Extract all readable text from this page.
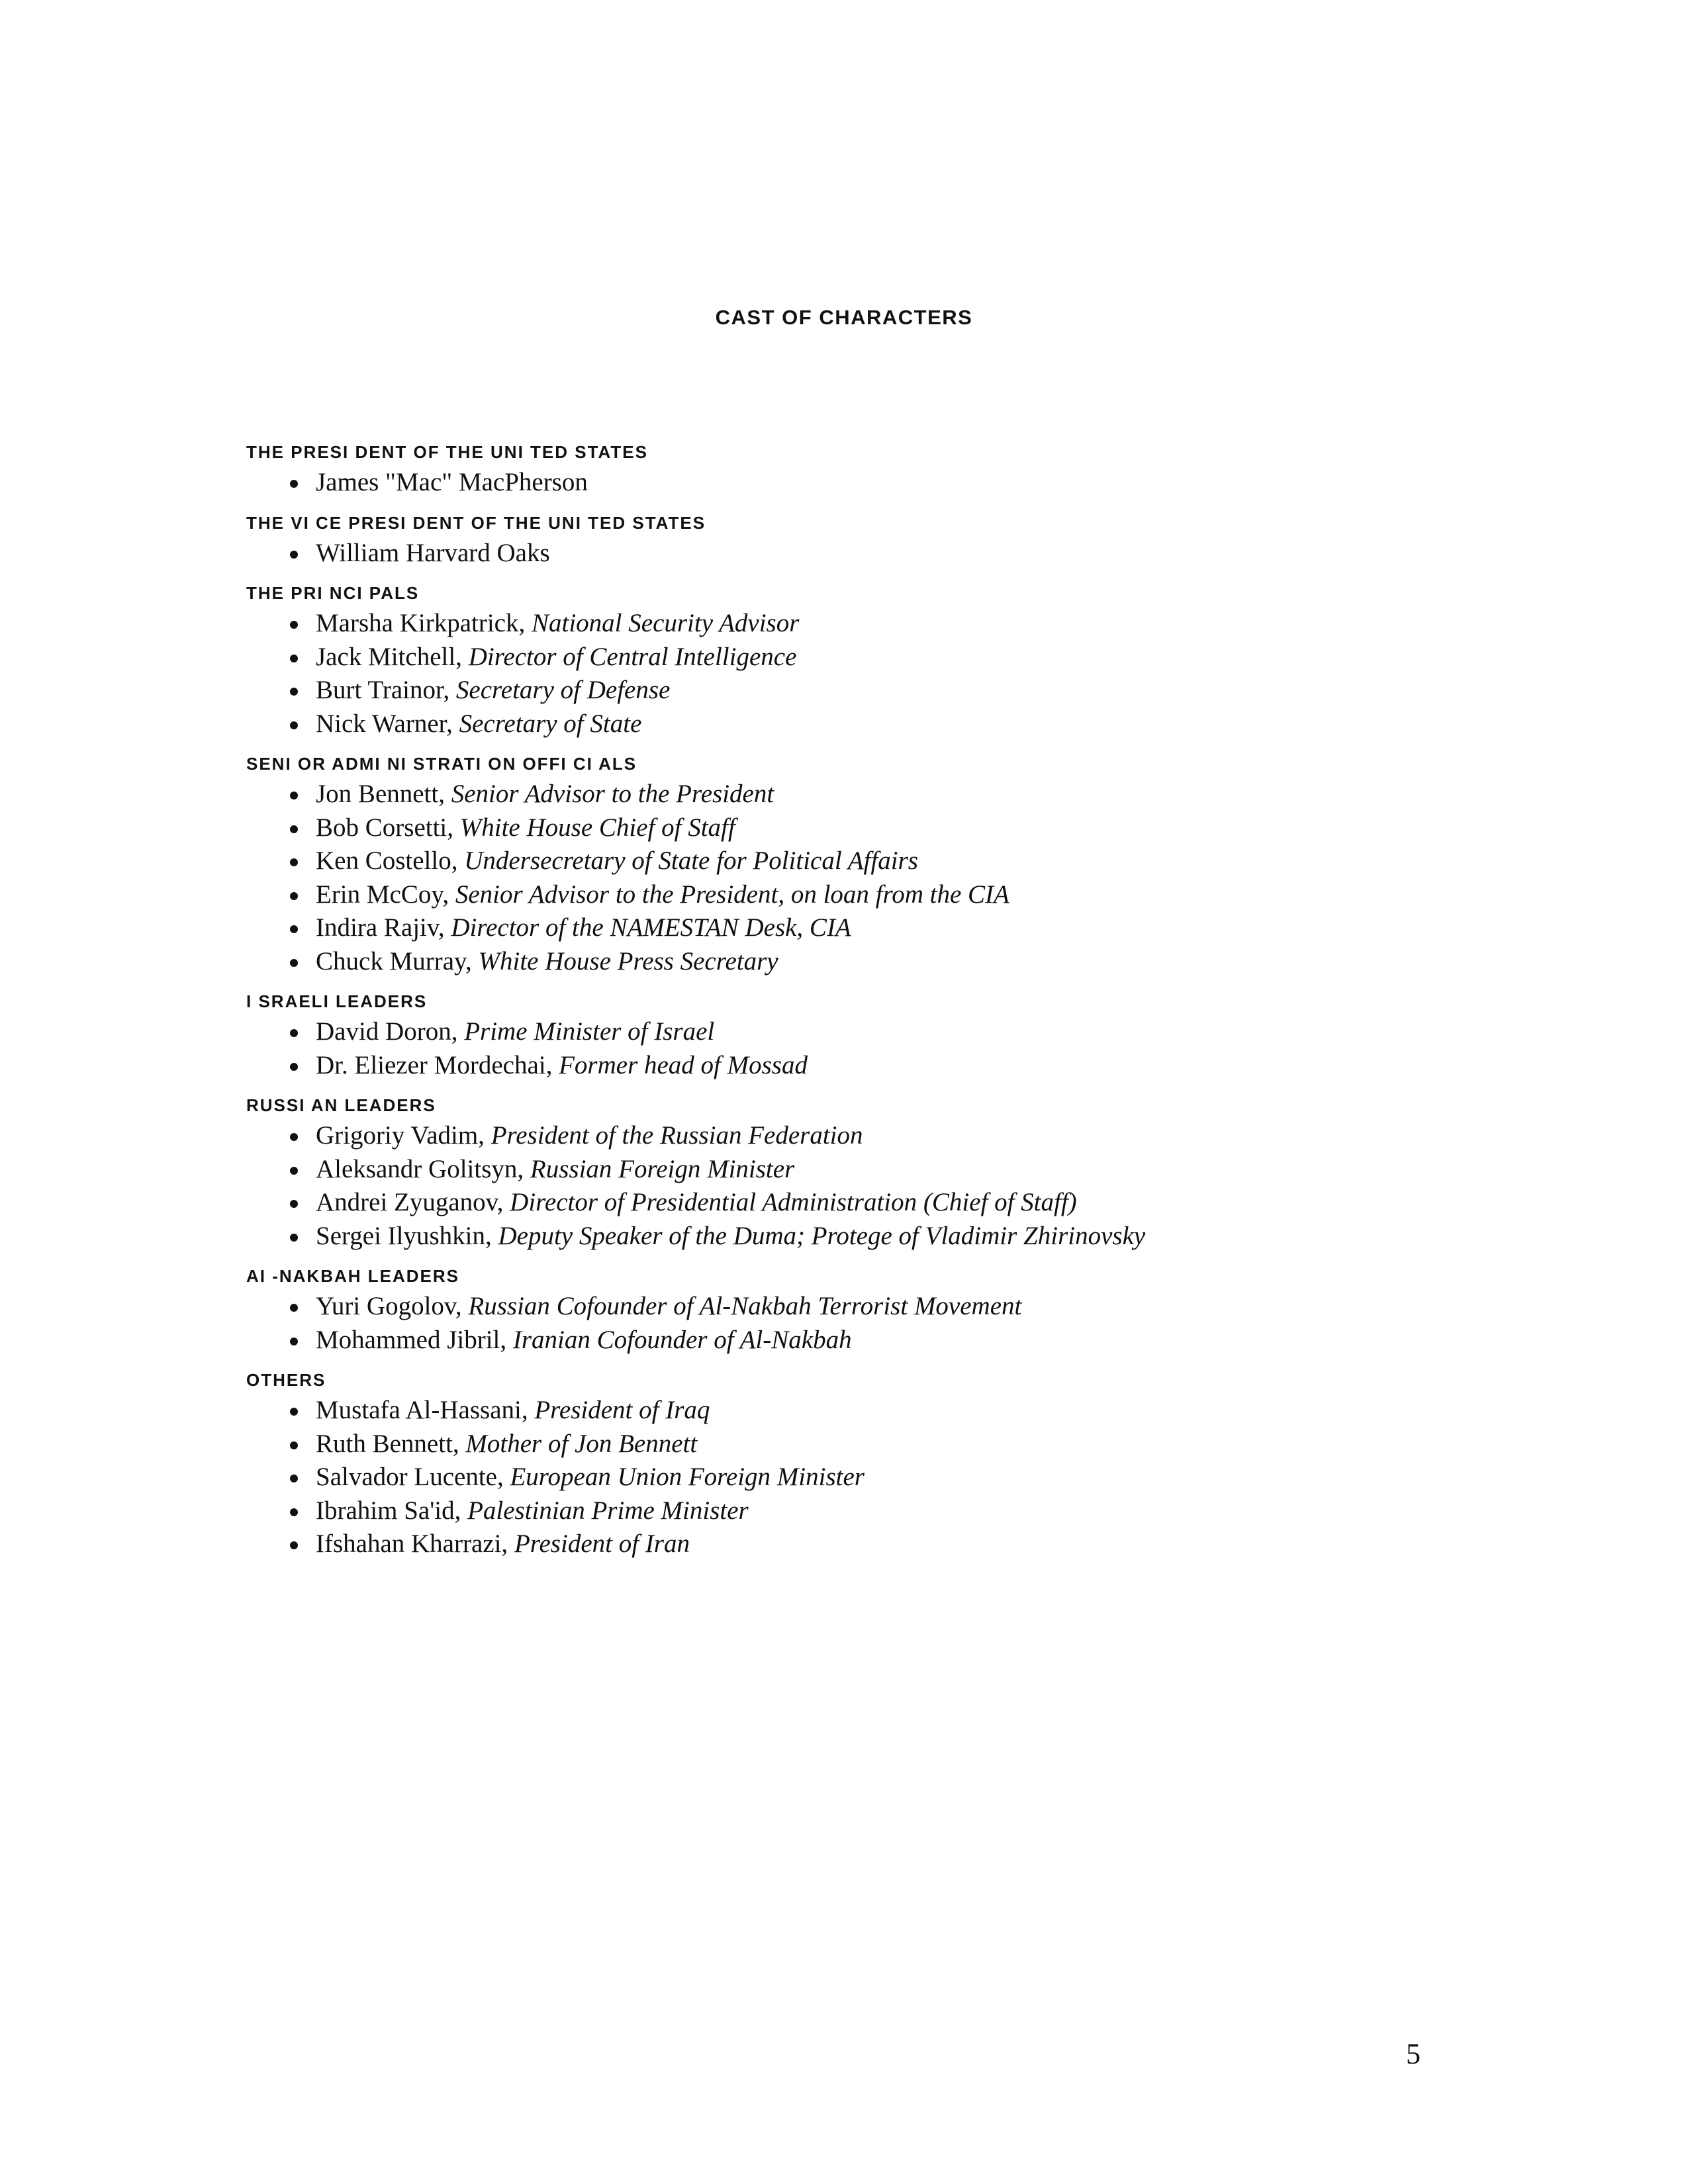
CAST OF CHARACTERS
THE PRESI DENT OF THE UNI TED STATES
James "Mac" MacPherson
THE VI CE PRESI DENT OF THE UNI TED STATES
William Harvard Oaks
THE PRI NCI PALS
Marsha Kirkpatrick, National Security Advisor
Jack Mitchell, Director of Central Intelligence
Burt Trainor, Secretary of Defense
Nick Warner, Secretary of State
SENI OR ADMI NI STRATI ON OFFI CI ALS
Jon Bennett, Senior Advisor to the President
Bob Corsetti, White House Chief of Staff
Ken Costello, Undersecretary of State for Political Affairs
Erin McCoy, Senior Advisor to the President, on loan from the CIA
Indira Rajiv, Director of the NAMESTAN Desk, CIA
Chuck Murray, White House Press Secretary
I SRAELI LEADERS
David Doron, Prime Minister of Israel
Dr. Eliezer Mordechai, Former head of Mossad
RUSSI AN LEADERS
Grigoriy Vadim, President of the Russian Federation
Aleksandr Golitsyn, Russian Foreign Minister
Andrei Zyuganov, Director of Presidential Administration (Chief of Staff)
Sergei Ilyushkin, Deputy Speaker of the Duma; Protege of Vladimir Zhirinovsky
AI -NAKBAH LEADERS
Yuri Gogolov, Russian Cofounder of Al-Nakbah Terrorist Movement
Mohammed Jibril, Iranian Cofounder of Al-Nakbah
OTHERS
Mustafa Al-Hassani, President of Iraq
Ruth Bennett, Mother of Jon Bennett
Salvador Lucente, European Union Foreign Minister
Ibrahim Sa'id, Palestinian Prime Minister
Ifshahan Kharrazi, President of Iran

5
